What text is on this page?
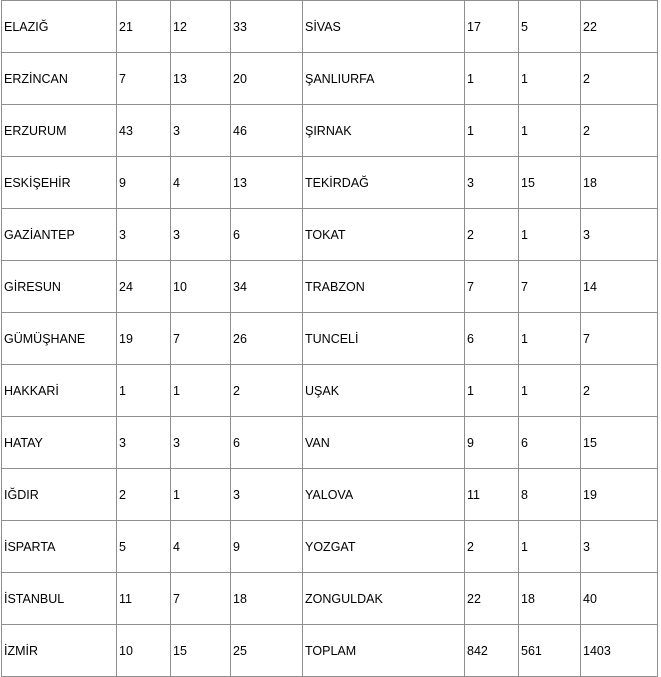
ELAZIĞ	21	12	33	SİVAS	17	5	22
ERZİNCAN	7	13	20	ŞANLIURFA	1	1	2
ERZURUM	43	3	46	ŞIRNAK	1	1	2
ESKİŞEHİR	9	4	13	TEKİRDAĞ	3	15	18
GAZİANTEP	3	3	6	TOKAT	2	1	3
GİRESUN	24	10	34	TRABZON	7	7	14
GÜMÜŞHANE	19	7	26	TUNCELİ	6	1	7
HAKKARİ	1	1	2	UŞAK	1	1	2
HATAY	3	3	6	VAN	9	6	15
IĞDIR	2	1	3	YALOVA	11	8	19
İSPARTA	5	4	9	YOZGAT	2	1	3
İSTANBUL	11	7	18	ZONGULDAK	22	18	40
İZMİR	10	15	25	TOPLAM	842	561	1403
